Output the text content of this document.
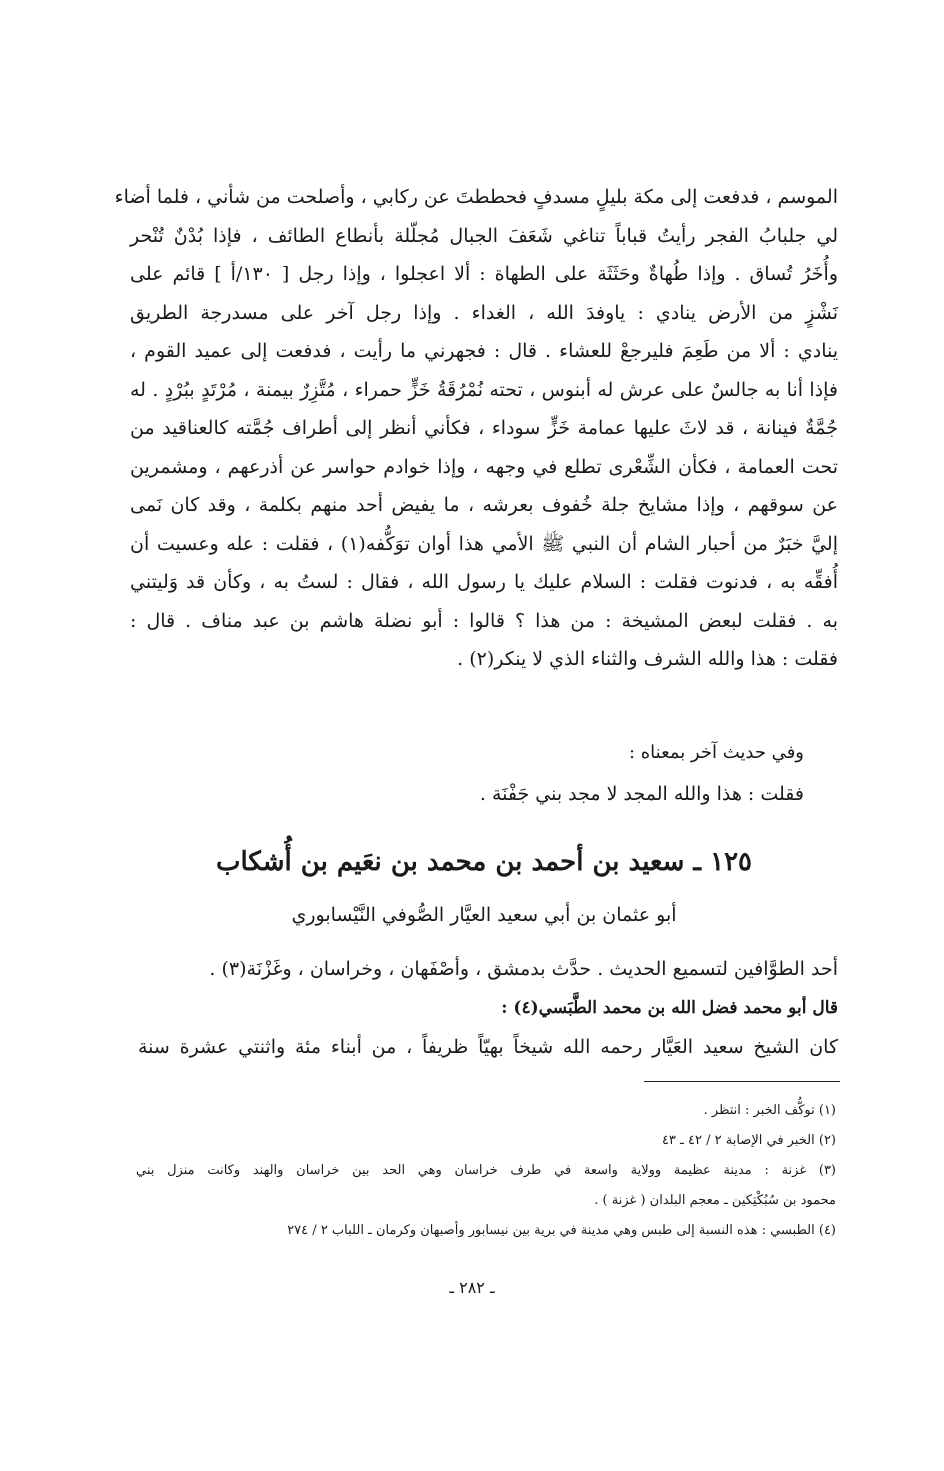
الموسم ، فدفعت إلى مكة بليلٍ مسدفٍ فحططتَ عن ركابي ، وأصلحت من شأني ، فلما أضاء
لي جلبابُ الفجر رأيتُ قباباً تناغي شَعَفَ الجبال مُجلّلة بأنطاع الطائف ، فإذا بُدْنٌ تُنْحر
وأُخَرُ تُساق . وإذا طُهاةٌ وحَثَثَة على الطهاة : ألا اعجلوا ، وإذا رجل [ ١٣٠/أ ] قائم على
نَشْزٍ من الأرض ينادي : ياوفدَ الله ، الغداء . وإذا رجل آخر على مسدرجة الطريق
ينادي : ألا من طَعِمَ فليرجعْ للعشاء . قال : فجهرني ما رأيت ، فدفعت إلى عميد القوم ،
فإذا أنا به جالسٌ على عرش له أبنوس ، تحته نُمْرُقَةُ خَزٍّ حمراء ، مُتَّزِرٌ بيمنة ، مُرْتَدٍ ببُرْدٍ . له
جُمَّةٌ فينانة ، قد لاثَ عليها عمامة خَزٍّ سوداء ، فكأني أنظر إلى أطراف جُمَّته كالعناقيد من
تحت العمامة ، فكأن الشِّعْرى تطلع في وجهه ، وإذا خوادم حواسر عن أذرعهم ، ومشمرين
عن سوقهم ، وإذا مشايخ جلة خُفوف بعرشه ، ما يفيض أحد منهم بكلمة ، وقد كان نَمى
إليَّ خبَرٌ من أحبار الشام أن النبي ﷺ الأمي هذا أوان توَكُّفه(١) ، فقلت : عله وعسيت أن
أُفقِّه به ، فدنوت فقلت : السلام عليك يا رسول الله ، فقال : لستُ به ، وكأن قد وَليتني
به . فقلت لبعض المشيخة : من هذا ؟ قالوا : أبو نضلة هاشم بن عبد مناف . قال :
فقلت : هذا والله الشرف والثناء الذي لا ينكر(٢) .
وفي حديث آخر بمعناه :
فقلت : هذا والله المجد لا مجد بني جَفْنَة .
١٢٥ ـ سعيد بن أحمد بن محمد بن نعَيم بن أُشكاب
أبو عثمان بن أبي سعيد العيَّار الصُّوفي النَّيْسابوري
أحد الطوَّافين لتسميع الحديث . حدَّث بدمشق ، وأصْفَهان ، وخراسان ، وغَزْنَة(٣) .
قال أبو محمد فضل الله بن محمد الطَّبَسي(٤) :
كان الشيخ سعيد العَيَّار رحمه الله شيخاً بهيّاً ظريفاً ، من أبناء مئة واثنتي عشرة سنة
(١) توكُّف الخبر : انتظر .
(٢) الخبر في الإصابة ٢ / ٤٢ ـ ٤٣
(٣) غزنة : مدينة عظيمة وولاية واسعة في طرف خراسان وهي الحد بين خراسان والهند وكانت منزل بني
محمود بن سُبُكْتِكين ـ معجم البلدان ( غزنة ) .
(٤) الطبسي : هذه النسبة إلى طبس وهي مدينة في برية بين نيسابور وأصبهان وكرمان ـ اللباب ٢ / ٢٧٤
ـ ٢٨٢ ـ
